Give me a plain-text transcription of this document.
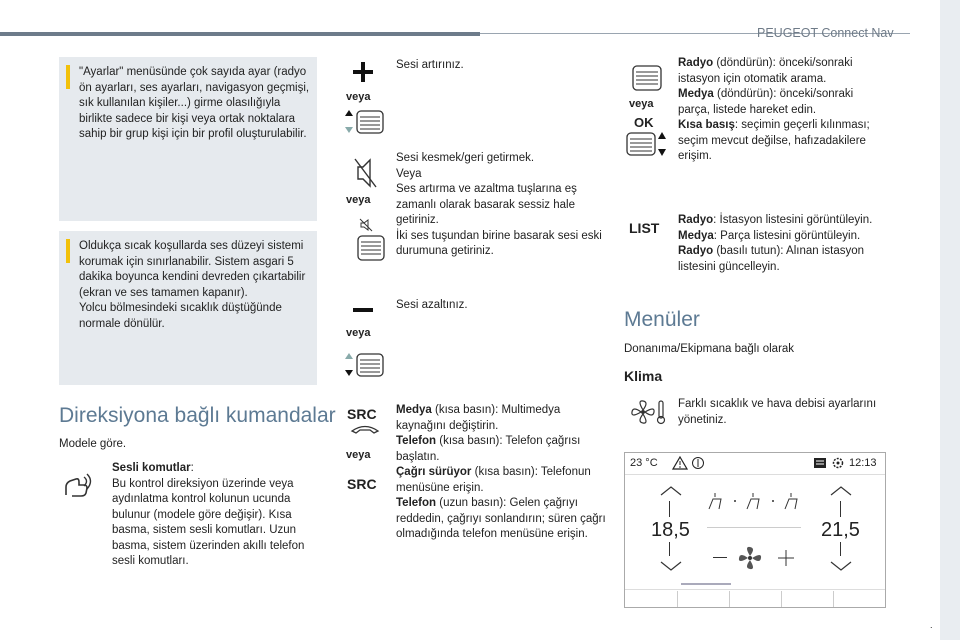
PEUGEOT Connect Nav
"Ayarlar" menüsünde çok sayıda ayar (radyo ön ayarları, ses ayarları, navigasyon geçmişi, sık kullanılan kişiler...) girme olasılığıyla birlikte sadece bir kişi veya ortak noktalara sahip bir grup kişi için bir profil oluşturulabilir.
Oldukça sıcak koşullarda ses düzeyi sistemi korumak için sınırlanabilir. Sistem asgari 5 dakika boyunca kendini devreden çıkartabilir (ekran ve ses tamamen kapanır).
Yolcu bölmesindeki sıcaklık düştüğünde normale dönülür.
Direksiyona bağlı kumandalar
Modele göre.
Sesli komutlar:
Bu kontrol direksiyon üzerinde veya aydınlatma kontrol kolunun ucunda bulunur (modele göre değişir). Kısa basma, sistem sesli komutları. Uzun basma, sistem üzerinden akıllı telefon sesli komutları.
veya
Sesi artırınız.
veya
Sesi kesmek/geri getirmek.
Veya
Ses artırma ve azaltma tuşlarına eş zamanlı olarak basarak sessiz hale getiriniz.
İki ses tuşundan birine basarak sesi eski durumuna getiriniz.
veya
Sesi azaltınız.
SRC
veya
SRC
Medya (kısa basın): Multimedya kaynağını değiştirin.
Telefon (kısa basın): Telefon çağrısı başlatın.
Çağrı sürüyor (kısa basın): Telefonun menüsüne erişin.
Telefon (uzun basın): Gelen çağrıyı reddedin, çağrıyı sonlandırın; süren çağrı olmadığında telefon menüsüne erişin.
veya
OK
Radyo (döndürün): önceki/sonraki istasyon için otomatik arama.
Medya (döndürün): önceki/sonraki parça, listede hareket edin.
Kısa basış: seçimin geçerli kılınması; seçim mevcut değilse, hafızadakilere erişim.
LIST Radyo: İstasyon listesini görüntüleyin.
Medya: Parça listesini görüntüleyin.
Radyo (basılı tutun): Alınan istasyon listesini güncelleyin.
Menüler
Donanıma/Ekipmana bağlı olarak
Klima
Farklı sıcaklık ve hava debisi ayarlarını yönetiniz.
23 °C	12:13
18,5	21,5
.
